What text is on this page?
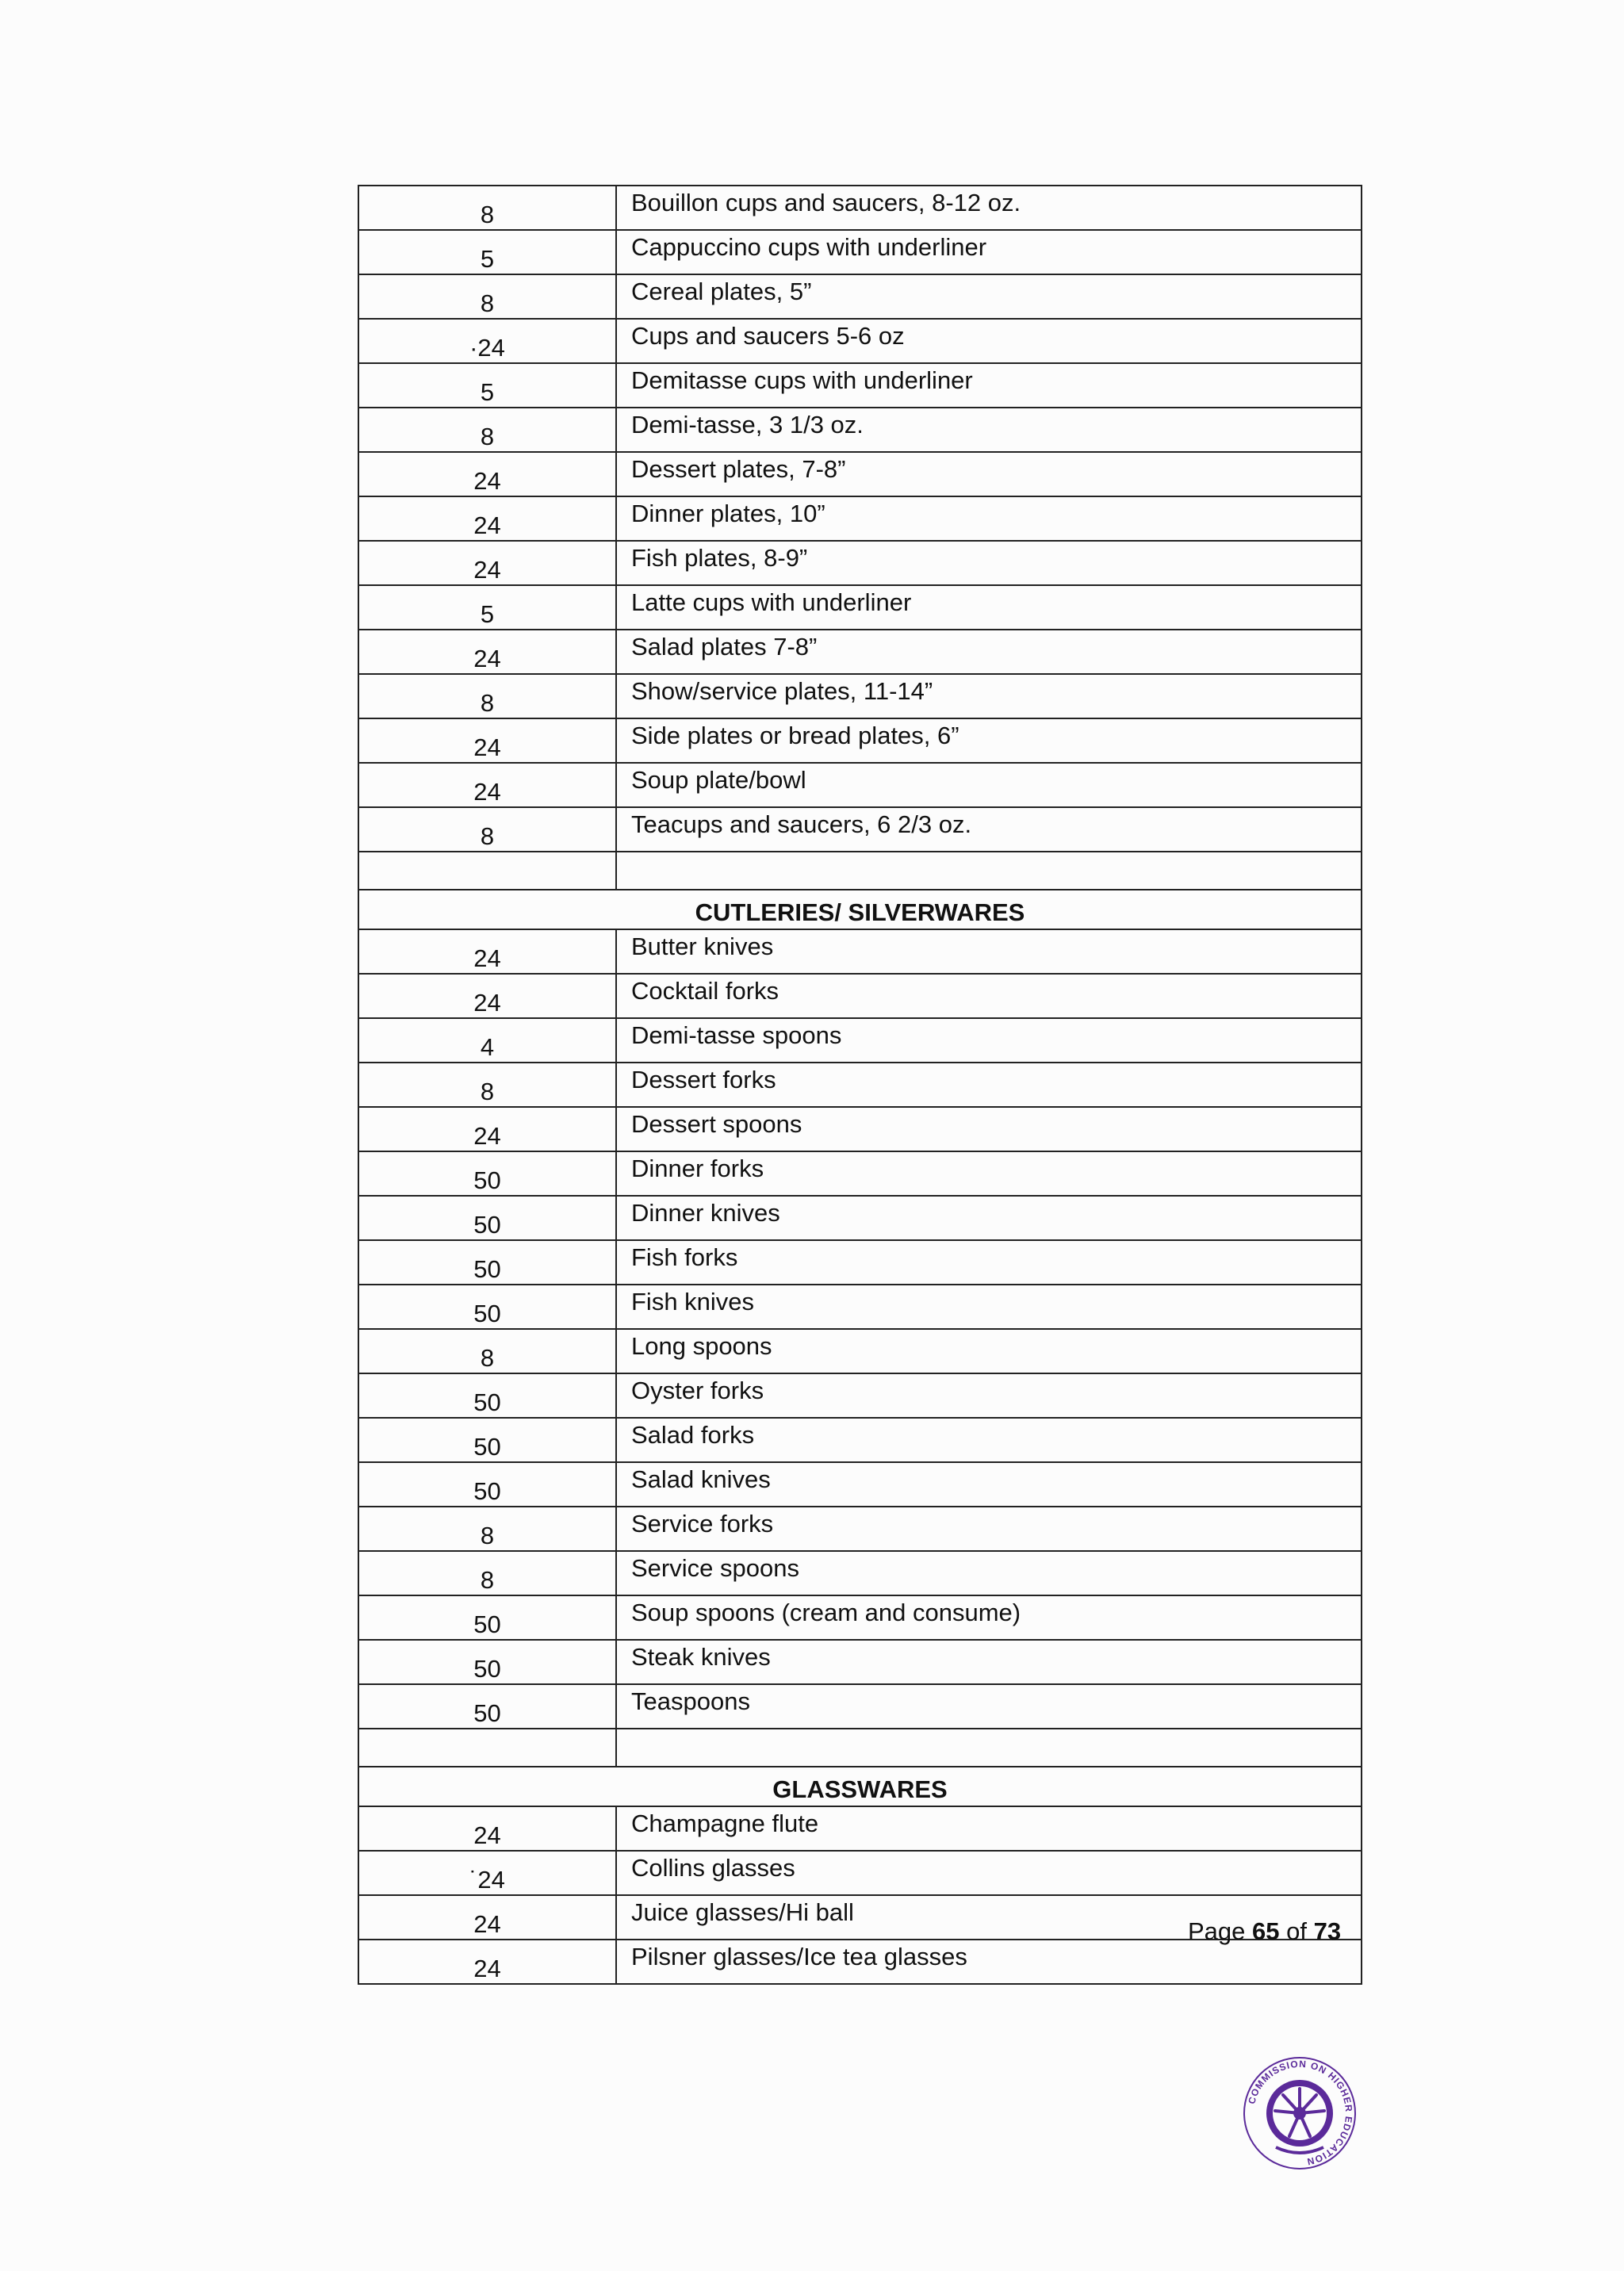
8	Bouillon cups and saucers, 8-12 oz.
5	Cappuccino cups with underliner
8	Cereal plates, 5”
·24	Cups and saucers 5-6 oz
5	Demitasse cups with underliner
8	Demi-tasse, 3 1/3 oz.
24	Dessert plates, 7-8”
24	Dinner plates, 10”
24	Fish plates, 8-9”
5	Latte cups with underliner
24	Salad plates 7-8”
8	Show/service plates, 11-14”
24	Side plates or bread plates, 6”
24	Soup plate/bowl
8	Teacups and saucers, 6 2/3 oz.

CUTLERIES/ SILVERWARES	
24	Butter knives
24	Cocktail forks
4	Demi-tasse spoons
8	Dessert forks
24	Dessert spoons
50	Dinner forks
50	Dinner knives
50	Fish forks
50	Fish knives
8	Long spoons
50	Oyster forks
50	Salad forks
50	Salad knives
8	Service forks
8	Service spoons
50	Soup spoons (cream and consume)
50	Steak knives
50	Teaspoons

GLASSWARES	
24	Champagne flute
˙24	Collins glasses
24	Juice glasses/Hi ball
24	Pilsner glasses/Ice tea glasses
Page 65 of 73
COMMISSION ON HIGHER EDUCATION
